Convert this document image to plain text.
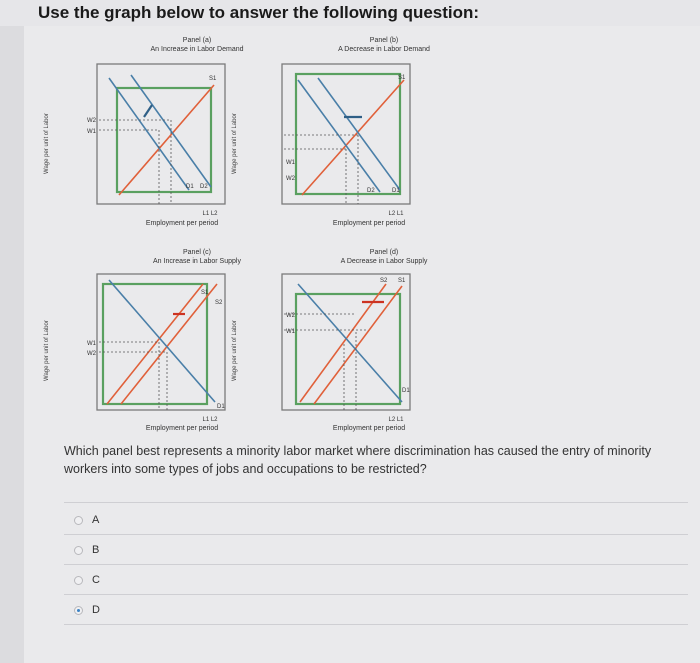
Use the graph below to answer the following question:
Panel (a)
An Increase in Labor Demand
Wage per unit of Labor	W2
W1
D1 D2
S1
L1 L2
Employment per period
Panel (b)
A Decrease in Labor Demand
Wage per unit of Labor	W1
W2
D2	D1
S1
L2 L1
Employment per period
Panel (c)
An Increase in Labor Supply
Wage per unit of Labor	W1
W2
S1
S2
D1
L1 L2
Employment per period
Panel (d)
A Decrease in Labor Supply
Wage per unit of Labor
W2
W1
S2 S1
D1
L2 L1
Employment per period
Which panel best represents a minority labor market where discrimination has caused the entry of minority workers into some types of jobs and occupations to be restricted?
A
B
C
D
